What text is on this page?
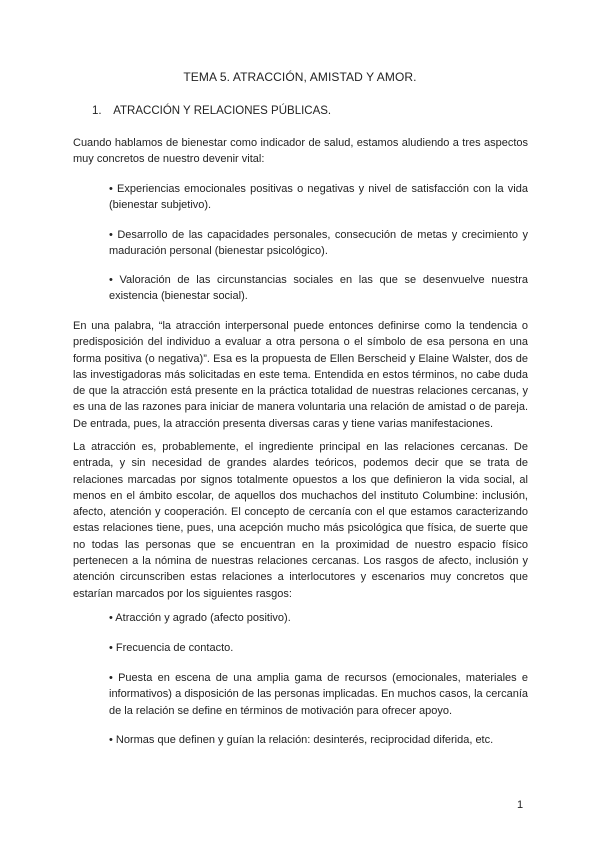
TEMA 5. ATRACCIÓN, AMISTAD Y AMOR.
1. ATRACCIÓN Y RELACIONES PÚBLICAS.
Cuando hablamos de bienestar como indicador de salud, estamos aludiendo a tres aspectos muy concretos de nuestro devenir vital:
• Experiencias emocionales positivas o negativas y nivel de satisfacción con la vida (bienestar subjetivo).
• Desarrollo de las capacidades personales, consecución de metas y crecimiento y maduración personal (bienestar psicológico).
• Valoración de las circunstancias sociales en las que se desenvuelve nuestra existencia (bienestar social).
En una palabra, “la atracción interpersonal puede entonces definirse como la tendencia o predisposición del individuo a evaluar a otra persona o el símbolo de esa persona en una forma positiva (o negativa)”. Esa es la propuesta de Ellen Berscheid y Elaine Walster, dos de las investigadoras más solicitadas en este tema. Entendida en estos términos, no cabe duda de que la atracción está presente en la práctica totalidad de nuestras relaciones cercanas, y es una de las razones para iniciar de manera voluntaria una relación de amistad o de pareja. De entrada, pues, la atracción presenta diversas caras y tiene varias manifestaciones.
La atracción es, probablemente, el ingrediente principal en las relaciones cercanas. De entrada, y sin necesidad de grandes alardes teóricos, podemos decir que se trata de relaciones marcadas por signos totalmente opuestos a los que definieron la vida social, al menos en el ámbito escolar, de aquellos dos muchachos del instituto Columbine: inclusión, afecto, atención y cooperación. El concepto de cercanía con el que estamos caracterizando estas relaciones tiene, pues, una acepción mucho más psicológica que física, de suerte que no todas las personas que se encuentran en la proximidad de nuestro espacio físico pertenecen a la nómina de nuestras relaciones cercanas. Los rasgos de afecto, inclusión y atención circunscriben estas relaciones a interlocutores y escenarios muy concretos que estarían marcados por los siguientes rasgos:
• Atracción y agrado (afecto positivo).
• Frecuencia de contacto.
• Puesta en escena de una amplia gama de recursos (emocionales, materiales e informativos) a disposición de las personas implicadas. En muchos casos, la cercanía de la relación se define en términos de motivación para ofrecer apoyo.
• Normas que definen y guían la relación: desinterés, reciprocidad diferida, etc.
1
